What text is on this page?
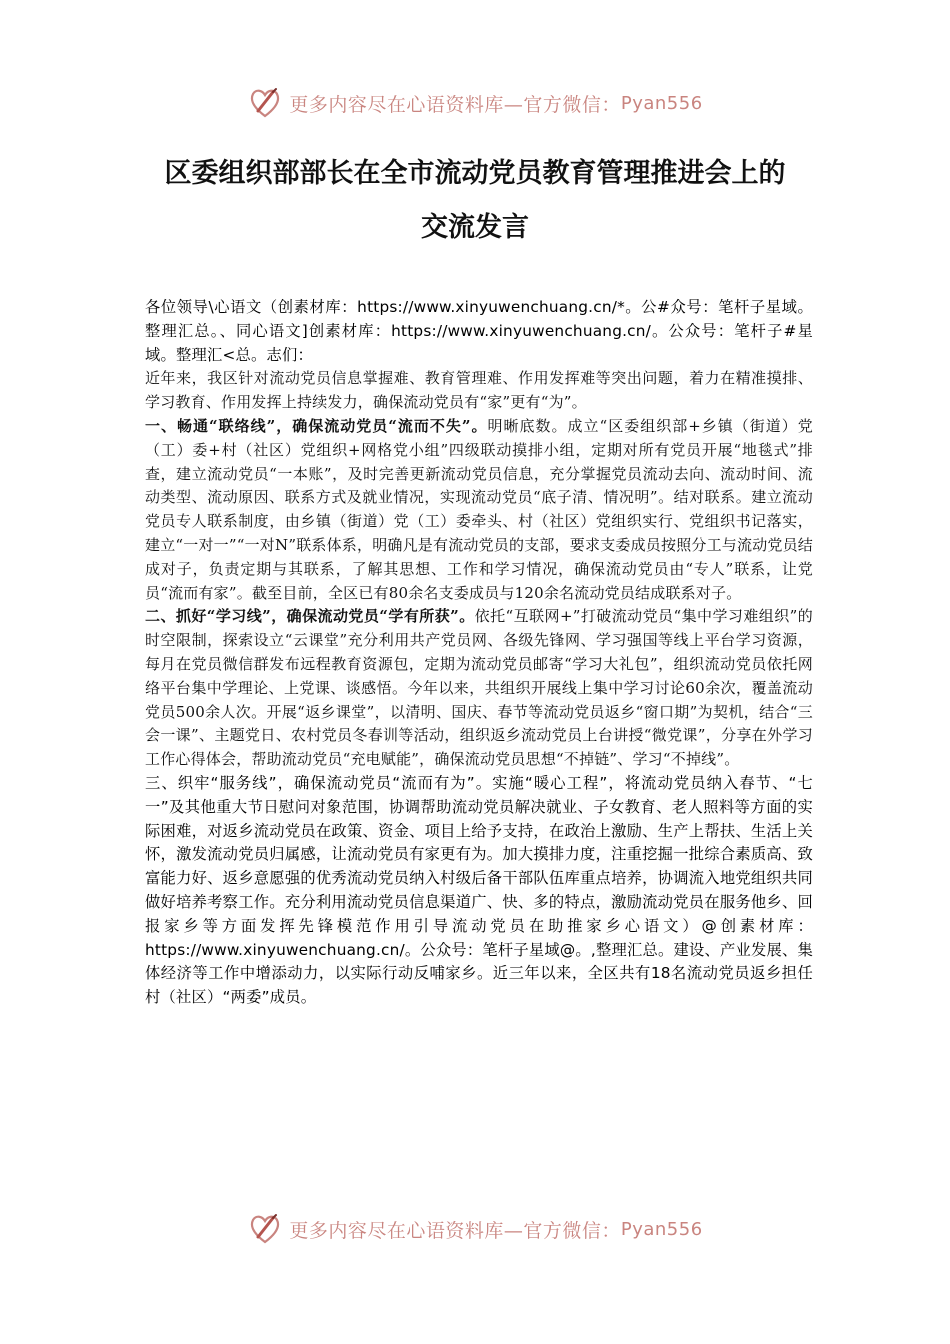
更多内容尽在心语资料库—官方微信： Pyan556
区委组织部部长在全市流动党员教育管理推进会上的
交流发言

各位领导\心语文（创素材库：https://www.xinyuwenchuang.cn/*。公#众号：笔杆子星域。整理汇总。、同心语文]创素材库：https://www.xinyuwenchuang.cn/。公众号：笔杆子#星域。整理汇<总。志们：

近年来，我区针对流动党员信息掌握难、教育管理难、作用发挥难等突出问题，着力在精准摸排、学习教育、作用发挥上持续发力，确保流动党员有“家”更有“为”。

一、畅通“联络线”，确保流动党员“流而不失”。明晰底数。成立“区委组织部+乡镇（街道）党（工）委+村（社区）党组织+网格党小组”四级联动摸排小组，定期对所有党员开展“地毯式”排查，建立流动党员“一本账”，及时完善更新流动党员信息，充分掌握党员流动去向、流动时间、流动类型、流动原因、联系方式及就业情况，实现流动党员“底子清、情况明”。结对联系。建立流动党员专人联系制度，由乡镇（街道）党（工）委牵头、村（社区）党组织实行、党组织书记落实，建立“一对一”“一对N”联系体系，明确凡是有流动党员的支部，要求支委成员按照分工与流动党员结成对子，负责定期与其联系，了解其思想、工作和学习情况，确保流动党员由“专人”联系，让党员“流而有家”。截至目前，全区已有80余名支委成员与120余名流动党员结成联系对子。

二、抓好“学习线”，确保流动党员“学有所获”。依托“互联网+”打破流动党员“集中学习难组织”的时空限制，探索设立“云课堂”充分利用共产党员网、各级先锋网、学习强国等线上平台学习资源，每月在党员微信群发布远程教育资源包，定期为流动党员邮寄“学习大礼包”，组织流动党员依托网络平台集中学理论、上党课、谈感悟。今年以来，共组织开展线上集中学习讨论60余次，覆盖流动党员500余人次。开展“返乡课堂”，以清明、国庆、春节等流动党员返乡“窗口期”为契机，结合“三会一课”、主题党日、农村党员冬春训等活动，组织返乡流动党员上台讲授“微党课”，分享在外学习工作心得体会，帮助流动党员“充电赋能”，确保流动党员思想“不掉链”、学习“不掉线”。

三、织牢“服务线”，确保流动党员“流而有为”。实施“暖心工程”，将流动党员纳入春节、“七一”及其他重大节日慰问对象范围，协调帮助流动党员解决就业、子女教育、老人照料等方面的实际困难，对返乡流动党员在政策、资金、项目上给予支持，在政治上激励、生产上帮扶、生活上关怀，激发流动党员归属感，让流动党员有家更有为。加大摸排力度，注重挖掘一批综合素质高、致富能力好、返乡意愿强的优秀流动党员纳入村级后备干部队伍库重点培养，协调流入地党组织共同做好培养考察工作。充分利用流动党员信息渠道广、快、多的特点，激励流动党员在服务他乡、回报家乡等方面发挥先锋模范作用引导流动党员在助推家乡心语文）@创素材库：https://www.xinyuwenchuang.cn/。公众号：笔杆子星域@。,整理汇总。建设、产业发展、集体经济等工作中增添动力，以实际行动反哺家乡。近三年以来，全区共有18名流动党员返乡担任村（社区）“两委”成员。

更多内容尽在心语资料库—官方微信： Pyan556
